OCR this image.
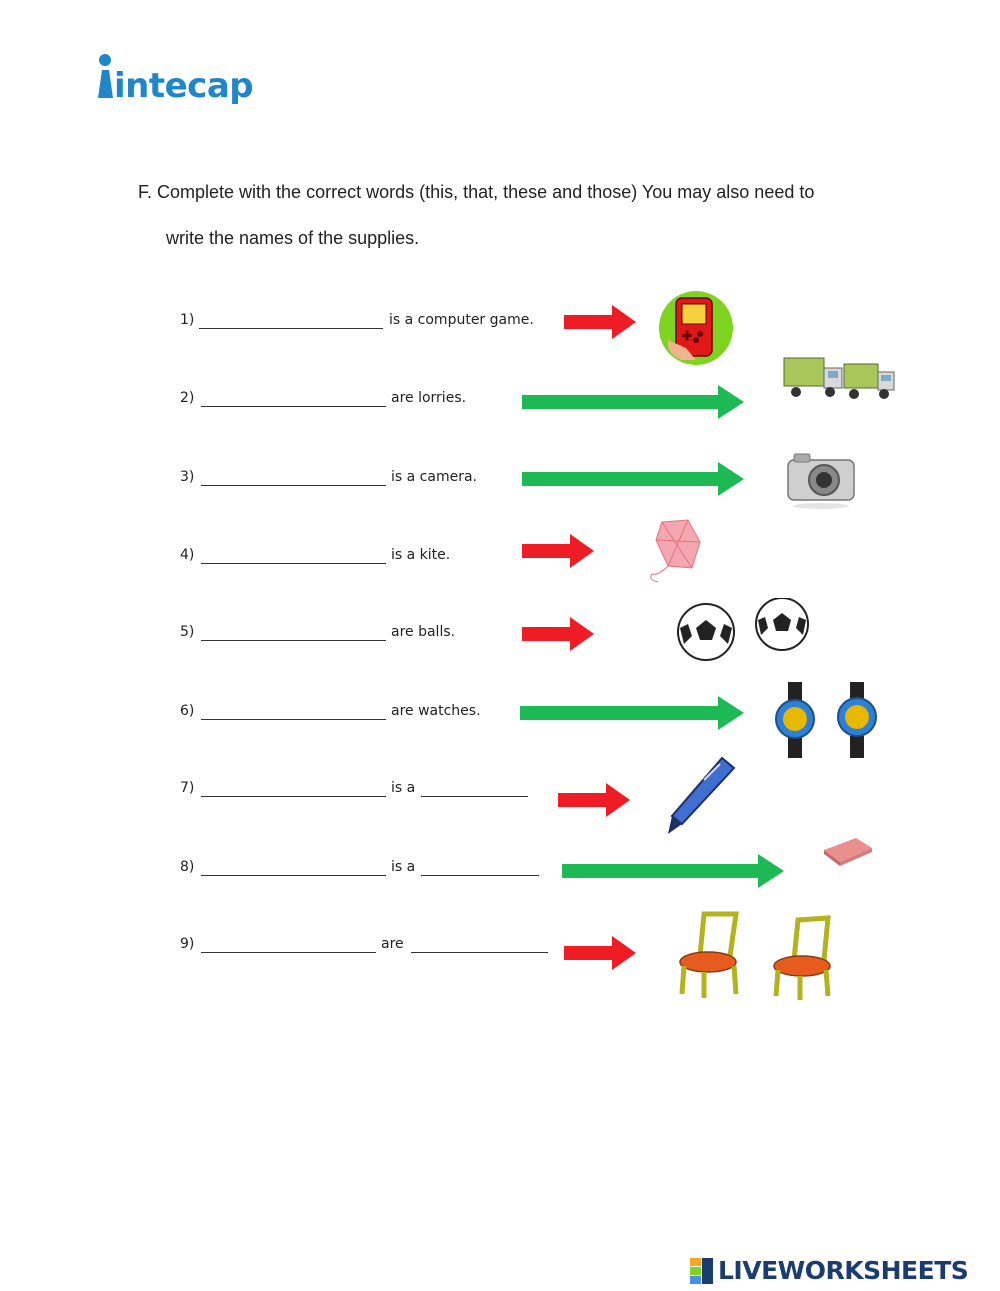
intecap
F. Complete with the correct words (this, that, these and those) You may also need to
write the names of the supplies.
1)	is a computer game.
2)	are lorries.
3)	is a camera.
4)	is a kite.
5)	are balls.
6)	are watches.
7)	is a
8)	is a
9)	are
LIVEWORKSHEETS
